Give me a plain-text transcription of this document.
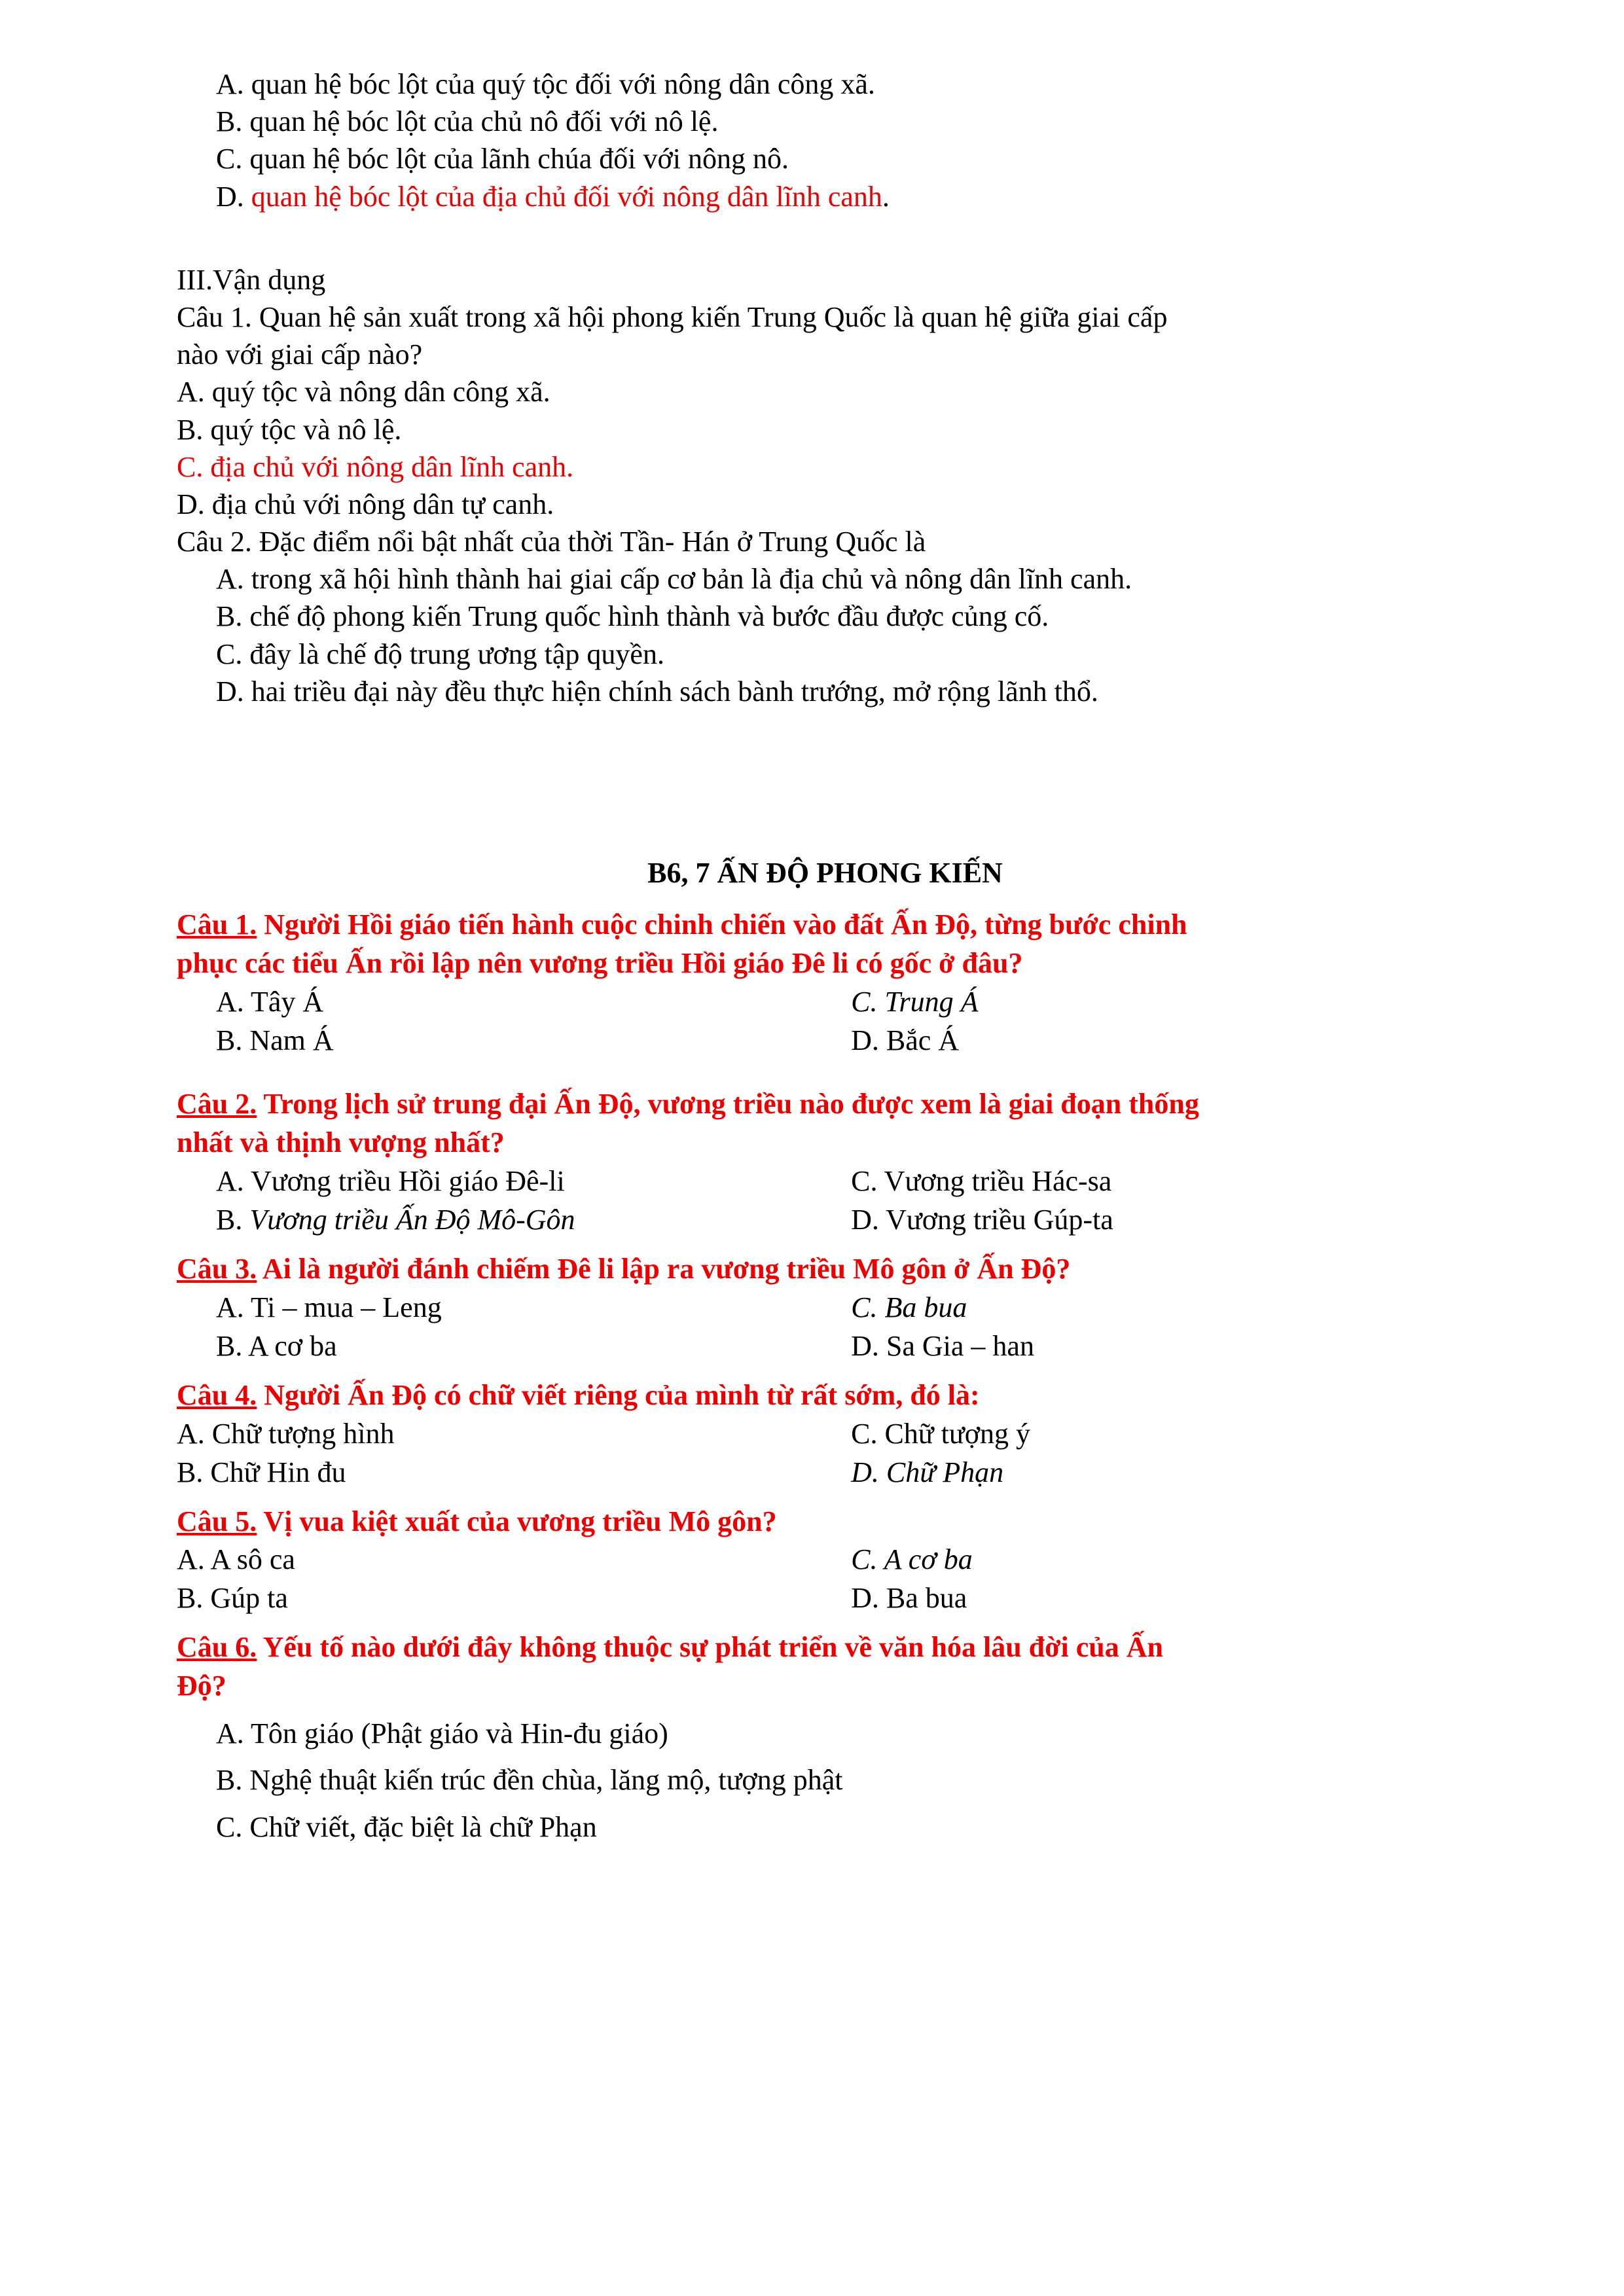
A. quan hệ bóc lột của quý tộc đối với nông dân công xã.
B. quan hệ bóc lột của chủ nô đối với nô lệ.
C. quan hệ bóc lột của lãnh chúa đối với nông nô.
D. quan hệ bóc lột của địa chủ đối với nông dân lĩnh canh.
III.Vận dụng
Câu 1. Quan hệ sản xuất trong xã hội phong kiến Trung Quốc là quan hệ giữa giai cấp
nào với giai cấp nào?
A. quý tộc và nông dân công xã.
B. quý tộc và nô lệ.
C. địa chủ với nông dân lĩnh canh.
D. địa chủ với nông dân tự canh.
Câu 2. Đặc điểm nổi bật nhất của thời Tần- Hán ở Trung Quốc là
A. trong xã hội hình thành hai giai cấp cơ bản là địa chủ và nông dân lĩnh canh.
B. chế độ phong kiến Trung quốc hình thành và bước đầu được củng cố.
C. đây là chế độ trung ương tập quyền.
D. hai triều đại này đều thực hiện chính sách bành trướng, mở rộng lãnh thổ.
B6, 7 ẤN ĐỘ PHONG KIẾN
Câu 1. Người Hồi giáo tiến hành cuộc chinh chiến vào đất Ấn Độ, từng bước chinh
phục các tiểu Ấn rồi lập nên vương triều Hồi giáo Đê li có gốc ở đâu?
A. Tây Á	C. Trung Á
B. Nam Á	D. Bắc Á
Câu 2. Trong lịch sử trung đại Ấn Độ, vương triều nào được xem là giai đoạn thống
nhất và thịnh vượng nhất?
A. Vương triều Hồi giáo Đê-li	C. Vương triều Hác-sa
B. Vương triều Ấn Độ Mô-Gôn	D. Vương triều Gúp-ta
Câu 3. Ai là người đánh chiếm Đê li lập ra vương triều Mô gôn ở Ấn Độ?
A. Ti – mua – Leng	C. Ba bua
B. A cơ ba	D. Sa Gia – han
Câu 4. Người Ấn Độ có chữ viết riêng của mình từ rất sớm, đó là:
A. Chữ tượng hình	C. Chữ tượng ý
B. Chữ Hin đu	D. Chữ Phạn
Câu 5. Vị vua kiệt xuất của vương triều Mô gôn?
A. A sô ca	C. A cơ ba
B. Gúp ta	D. Ba bua
Câu 6. Yếu tố nào dưới đây không thuộc sự phát triển về văn hóa lâu đời của Ấn
Độ?
A. Tôn giáo (Phật giáo và Hin-đu giáo)
B. Nghệ thuật kiến trúc đền chùa, lăng mộ, tượng phật
C. Chữ viết, đặc biệt là chữ Phạn
